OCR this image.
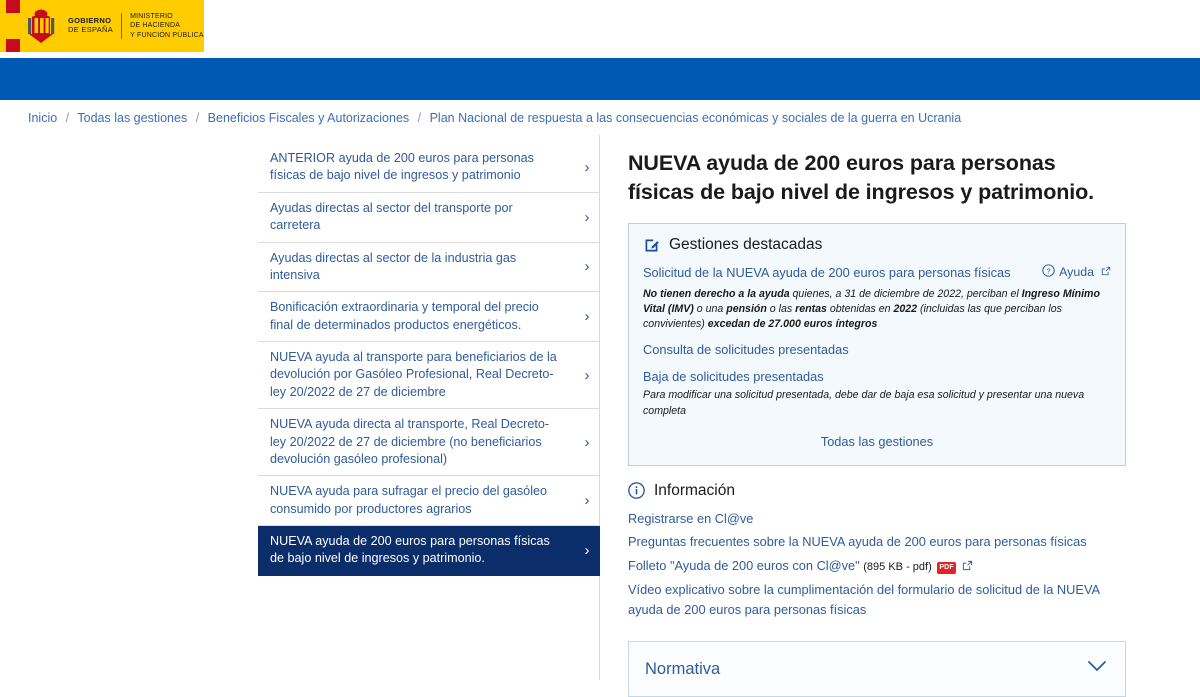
GOBIERNO
DE ESPAÑA
MINISTERIO
DE HACIENDA
Y FUNCIÓN PÚBLICA
Inicio / Todas las gestiones / Beneficios Fiscales y Autorizaciones / Plan Nacional de respuesta a las consecuencias económicas y sociales de la guerra en Ucrania
ANTERIOR ayuda de 200 euros para personas físicas de bajo nivel de ingresos y patrimonio	›
Ayudas directas al sector del transporte por carretera	›
Ayudas directas al sector de la industria gas intensiva	›
Bonificación extraordinaria y temporal del precio final de determinados productos energéticos.	›
NUEVA ayuda al transporte para beneficiarios de la devolución por Gasóleo Profesional, Real Decreto-ley 20/2022 de 27 de diciembre
›
NUEVA ayuda directa al transporte, Real Decreto-ley 20/2022 de 27 de diciembre (no beneficiarios devolución gasóleo profesional)
›
NUEVA ayuda para sufragar el precio del gasóleo consumido por productores agrarios	›
NUEVA ayuda de 200 euros para personas físicas de bajo nivel de ingresos y patrimonio.	›
NUEVA ayuda de 200 euros para personas físicas de bajo nivel de ingresos y patrimonio.
Gestiones destacadas
Solicitud de la NUEVA ayuda de 200 euros para personas físicas	? Ayuda

No tienen derecho a la ayuda quienes, a 31 de diciembre de 2022, perciban el Ingreso Mínimo Vital (IMV) o una pensión o las rentas obtenidas en 2022 (incluidas las que perciban los convivientes) excedan de 27.000 euros íntegros

Consulta de solicitudes presentadas
Baja de solicitudes presentadas

Para modificar una solicitud presentada, debe dar de baja esa solicitud y presentar una nueva completa

Todas las gestiones
Información
Registrarse en Cl@ve
Preguntas frecuentes sobre la NUEVA ayuda de 200 euros para personas físicas
Folleto "Ayuda de 200 euros con Cl@ve" (895 KB - pdf) PDF
Vídeo explicativo sobre la cumplimentación del formulario de solicitud de la NUEVA ayuda de 200 euros para personas físicas
Normativa
